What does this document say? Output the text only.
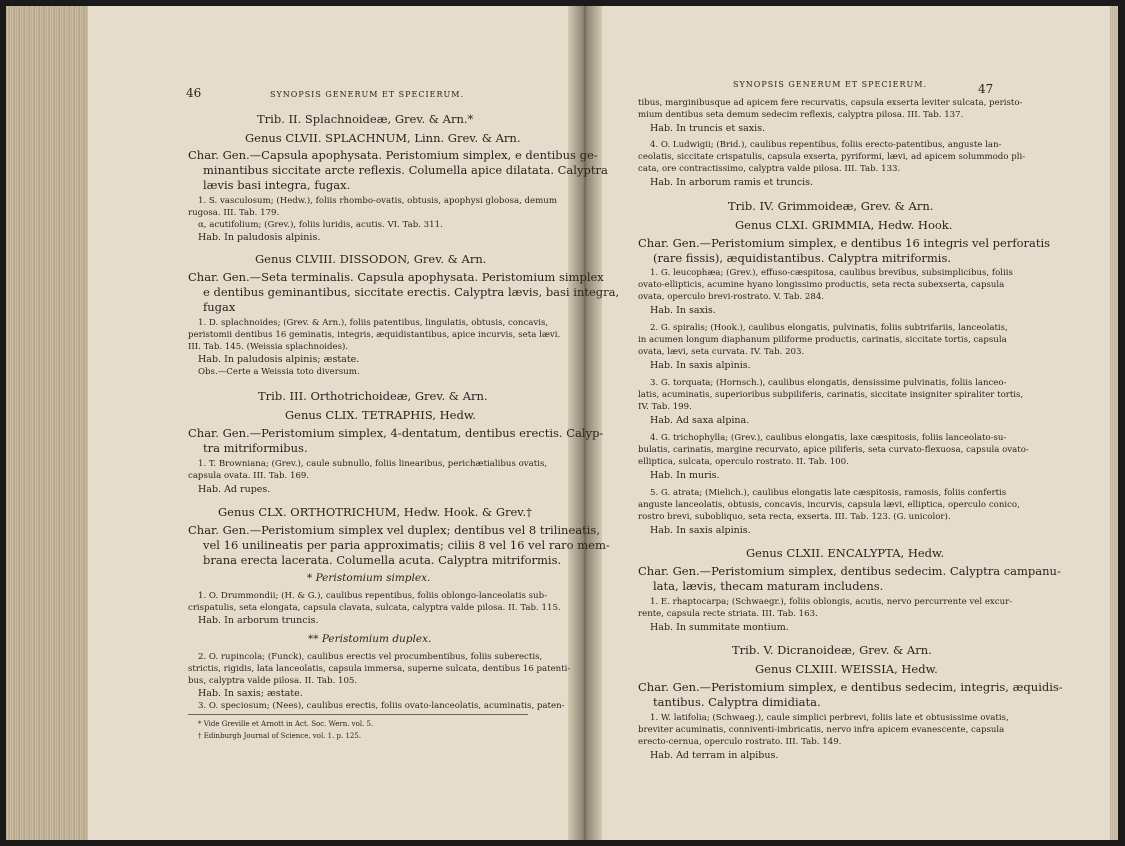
46	SYNOPSIS GENERUM ET SPECIERUM.	47
SYNOPSIS GENERUM ET SPECIERUM.
Trib. II. Splachnoideæ, Grev. & Arn.*
Genus CLVII. SPLACHNUM, Linn. Grev. & Arn.
Char. Gen.—Capsula apophysata. Peristomium simplex, e dentibus ge-
minantibus siccitate arcte reflexis. Columella apice dilatata. Calyptra
lævis basi integra, fugax.
1. S. vasculosum; (Hedw.), foliis rhombo-ovatis, obtusis, apophysi globosa, demum
rugosa. III. Tab. 179.
α, acutifolium; (Grev.), foliis luridis, acutis. VI. Tab. 311.
Hab. In paludosis alpinis.
Genus CLVIII. DISSODON, Grev. & Arn.
Char. Gen.—Seta terminalis. Capsula apophysata. Peristomium simplex
e dentibus geminantibus, siccitate erectis. Calyptra lævis, basi integra,
fugax
1. D. splachnoides; (Grev. & Arn.), foliis patentibus, lingulatis, obtusis, concavis,
peristomii dentibus 16 geminatis, integris, æquidistantibus, apice incurvis, seta lævi.
III. Tab. 145. (Weissia splachnoides).
Hab. In paludosis alpinis; æstate.
Obs.—Certe a Weissia toto diversum.
Trib. III. Orthotrichoideæ, Grev. & Arn.
Genus CLIX. TETRAPHIS, Hedw.
Char. Gen.—Peristomium simplex, 4-dentatum, dentibus erectis. Calyp-
tra mitriformibus.
1. T. Browniana; (Grev.), caule subnullo, foliis linearibus, perichætialibus ovatis,
capsula ovata. III. Tab. 169.
Hab. Ad rupes.
Genus CLX. ORTHOTRICHUM, Hedw. Hook. & Grev.†
Char. Gen.—Peristomium simplex vel duplex; dentibus vel 8 trilineatis,
vel 16 unilineatis per paria approximatis; ciliis 8 vel 16 vel raro mem-
brana erecta lacerata. Columella acuta. Calyptra mitriformis.
* Peristomium simplex.
1. O. Drummondii; (H. & G.), caulibus repentibus, foliis oblongo-lanceolatis sub-
crispatulis, seta elongata, capsula clavata, sulcata, calyptra valde pilosa. II. Tab. 115.
Hab. In arborum truncis.
** Peristomium duplex.
2. O. rupincola; (Funck), caulibus erectis vel procumbentibus, foliis suberectis,
strictis, rigidis, lata lanceolatis, capsula immersa, superne sulcata, dentibus 16 patenti-
bus, calyptra valde pilosa. II. Tab. 105.
Hab. In saxis; æstate.
3. O. speciosum; (Nees), caulibus erectis, foliis ovato-lanceolatis, acuminatis, paten-
tibus, marginibusque ad apicem fere recurvatis, capsula exserta leviter sulcata, peristo-
mium dentibus seta demum sedecim reflexis, calyptra pilosa. III. Tab. 137.
Hab. In truncis et saxis.
4. O. Ludwigii; (Brid.), caulibus repentibus, foliis erecto-patentibus, anguste lan-
ceolatis, siccitate crispatulis, capsula exserta, pyriformi, lævi, ad apicem solummodo pli-
cata, ore contractissimo, calyptra valde pilosa. III. Tab. 133.
Hab. In arborum ramis et truncis.
Trib. IV. Grimmoideæ, Grev. & Arn.
Genus CLXI. GRIMMIA, Hedw. Hook.
Char. Gen.—Peristomium simplex, e dentibus 16 integris vel perforatis
(rare fissis), æquidistantibus. Calyptra mitriformis.
1. G. leucophæa; (Grev.), effuso-cæspitosa, caulibus brevibus, subsimplicibus, foliis
ovato-ellipticis, acumine hyano longissimo productis, seta recta subexserta, capsula
ovata, operculo brevi-rostrato. V. Tab. 284.
Hab. In saxis.
2. G. spiralis; (Hook.), caulibus elongatis, pulvinatis, foliis subtrifariis, lanceolatis,
in acumen longum diaphanum piliforme productis, carinatis, siccitate tortis, capsula
ovata, lævi, seta curvata. IV. Tab. 203.
Hab. In saxis alpinis.
3. G. torquata; (Hornsch.), caulibus elongatis, densissime pulvinatis, foliis lanceo-
latis, acuminatis, superioribus subpiliferis, carinatis, siccitate insigniter spiraliter tortis,
IV. Tab. 199.
Hab. Ad saxa alpina.
4. G. trichophylla; (Grev.), caulibus elongatis, laxe cæspitosis, foliis lanceolato-su-
bulatis, carinatis, margine recurvato, apice piliferis, seta curvato-flexuosa, capsula ovato-
elliptica, sulcata, operculo rostrato. II. Tab. 100.
Hab. In muris.
5. G. atrata; (Mielich.), caulibus elongatis late cæspitosis, ramosis, foliis confertis
anguste lanceolatis, obtusis, concavis, incurvis, capsula lævi, elliptica, operculo conico,
rostro brevi, subobliquo, seta recta, exserta. III. Tab. 123. (G. unicolor).
Hab. In saxis alpinis.
Genus CLXII. ENCALYPTA, Hedw.
Char. Gen.—Peristomium simplex, dentibus sedecim. Calyptra campanu-
lata, lævis, thecam maturam includens.
1. E. rhaptocarpa; (Schwaegr.), foliis oblongis, acutis, nervo percurrente vel excur-
rente, capsula recte striata. III. Tab. 163.
Hab. In summitate montium.
Trib. V. Dicranoideæ, Grev. & Arn.
Genus CLXIII. WEISSIA, Hedw.
Char. Gen.—Peristomium simplex, e dentibus sedecim, integris, æquidis-
tantibus. Calyptra dimidiata.
1. W. latifolia; (Schwaeg.), caule simplici perbrevi, foliis late et obtusissime ovatis,
breviter acuminatis, conniventi-imbricatis, nervo infra apicem evanescente, capsula
erecto-cernua, operculo rostrato. III. Tab. 149.
Hab. Ad terram in alpibus.
* Vide Greville et Arnott in Act. Soc. Wern. vol. 5.
† Edinburgh Journal of Science, vol. 1. p. 125.
